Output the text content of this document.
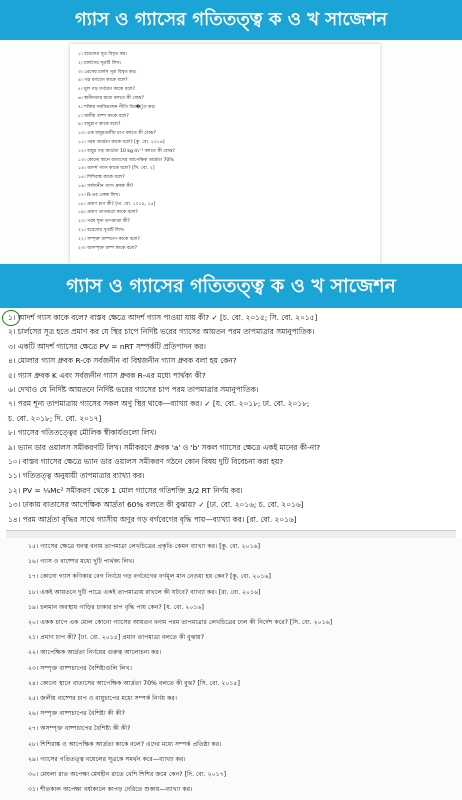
গ্যাস ও গ্যাসের গতিতত্ত্ব ক ও খ সাজেশন
১। বয়েলের সূত্র বিবৃত কর।
২। চার্লসের সূত্রটি লিখ।
৩। প্রেসের চার্লস সূত্র বিবৃত কর।
৪। গড় বর্গবেগ কাকে বলে?
৫। মূল গড় বর্গবেগ কাকে বলে?
৬। স্বাধীনতার মাত্রা বলতে কী বোঝ?
৭। শক্তির সমবিভাজন নীতি বিব�ৃত কর।
৮। জলীয় বাষ্প কাকে বলে?
৯। বায়ুচাপ কাকে বলে?
১০। এক বায়ুমণ্ডলীয় চাপ বলতে কী বোঝ?
১১। পরম আর্দ্রতা কাকে বলে? [কু. বো. ২০১৬]
১২। বায়ুর গড় আর্দ্রতা 10 kg m⁻³ বলতে কী বোঝ?
১৩। কোনো স্থানে বাতাসের আপেক্ষিক আর্দ্রতা 70%
১৪। আদর্শ গ্যাস কাকে বলে? [সি. বো. ২]
১৫। শিশিরাঙ্ক কাকে বলে?
১৬। সর্বজনীন গ্যাস ধ্রুবক কী?
১৭। R-এর একক লিখ।
১৮। প্রমাণ চাপ কী? [ঢা. বো. ২০১৯, ২৫]
১৯। প্রমাণ তাপমাত্রা কাকে বলে?
২০। পরম শূন্য তাপমাত্রা কী?
২১। বয়েলের সূত্রটি লিখ।
২২। সম্পৃক্ত বাষ্পচাপ কাকে বলে?
২৩। অসম্পৃক্ত বাষ্প কাকে বলে?
গ্যাস ও গ্যাসের গতিতত্ত্ব ক ও খ সাজেশন
১। আদর্শ গ্যাস কাকে বলে? বাস্তব ক্ষেত্রে আদর্শ গ্যাস পাওয়া যায় কী? ✓ [চ. বো. ২০১৫; সি. বো. ২০১৫]
২। চার্লসের সূত্র হতে প্রমাণ কর যে স্থির চাপে নির্দিষ্ট ভরের গ্যাসের আয়তন পরম তাপমাত্রার সমানুপাতিক।
৩। একটি আদর্শ গ্যাসের ক্ষেত্রে PV = nRT সম্পর্কটি প্রতিপাদন কর।
৪। মোলার গ্যাস ধ্রুবক R-কে সর্বজনীন বা বিশ্বজনীন গ্যাস ধ্রুবক বলা হয় কেন?
৫। গ্যাস ধ্রুবক K এবং সর্বজনীন গ্যাস ধ্রুবক R-এর মধ্যে পার্থক্য কী?
৬। দেখাও যে নির্দিষ্ট আয়তনে নির্দিষ্ট ভরের গ্যাসের চাপ পরম তাপমাত্রার সমানুপাতিক।
৭। পরম শূন্য তাপমাত্রায় গ্যাসের সকল অণু স্থির থাকে—ব্যাখ্যা কর। ✓ [য. বো. ২০১৮; ঢা. বো. ২০১৮;
চ. বো. ২০১৮; দি. বো. ২০১৭]
৮। গ্যাসের গতিতত্ত্বের মৌলিক স্বীকার্যগুলো লিখ।
৯। ভ্যান ডার ওয়ালস সমীকরণটি লিখ। সমীকরণে ধ্রুবক 'a' ও 'b' সকল গ্যাসের ক্ষেত্রে একই মানের কী-না?
১০। বাস্তব গ্যাসের ক্ষেত্রে ভ্যান ডার ওয়ালস সমীকরণ গঠনে কোন বিষয় দুটি বিবেচনা করা হয়?
১১। গতিতত্ত্ব অনুযায়ী তাপমাত্রার ব্যাখ্যা কর।
১২। PV = ⅓Mc² সমীকরণ থেকে 1 মোল গ্যাসের গতিশক্তি 3/2 RT নির্ণয় কর।
১৩। ঢাকায় বাতাসের আপেক্ষিক আর্দ্রতা 60% বলতে কী বুঝায়? ✓ [ঢা. বো. ২০১৬; চ. বো. ২০১৬]
১৪। পরম আর্দ্রতা বৃদ্ধির সাথে গ্যাসীয় অণুর গড় বর্গবেগের বৃদ্ধি পায়—ব্যাখ্যা কর। [রা. বো. ২০১৬]
১৫। গ্যাসের ক্ষেত্রে ঘনত্ব বনাম তাপমাত্রা লেখচিত্রের প্রকৃতি কেমন ব্যাখ্যা কর। [কু. বো. ২০১৬]
১৬। গ্যাস ও বাষ্পের মধ্যে দুটি পার্থক্য লিখ।
১৭। কোনো গ্যাস কণিকার বেগ নির্ণয়ে গড় বর্গবেগের বর্গমূল মান নেওয়া হয় কেন? [কু. বো. ২০১৬]
১৮। একই আয়তনে দুটি পাত্রে একই তাপমাত্রায় রাখলে কী ঘটবে? ব্যাখ্যা কর। [রা. বো. ২০১৬]
১৯। চলমান অবস্থায় গাড়ির চাকার চাপ বৃদ্ধি পায় কেন? [য. বো. ২০১৬]
২০। একক চাপে এক মোল কোনো গ্যাসের আয়তন বনাম পরম তাপমাত্রার লেখচিত্রের ঢাল কী নির্দেশ করে? [সি. বো. ২০১৬]
২১। প্রমাণ চাপ কী? [ঢা. বো. ২০১৫] প্রমাণ তাপমাত্রা বলতে কী বুঝায়?
২২। আপেক্ষিক আর্দ্রতা নির্ণয়ের গুরুত্ব আলোচনা কর।
২৩। সম্পৃক্ত বাষ্পচাপের বৈশিষ্ট্যগুলি লিখ।
২৪। কোনো স্থানে বাতাসের আপেক্ষিক আর্দ্রতা 70% বলতে কী বুঝ? [সি. বো. ২০১৫]
২৫। জলীয় বাষ্পের চাপ ও বায়ুচাপের মধ্যে সম্পর্ক নির্ণয় কর।
২৬। সম্পৃক্ত বাষ্পচাপের বৈশিষ্ট্য কী কী?
২৭। অসম্পৃক্ত বাষ্পচাপের বৈশিষ্ট্য কী কী?
২৮। শিশিরাঙ্ক ও আপেক্ষিক আর্দ্রতা কাকে বলে? এদের মধ্যে সম্পর্ক প্রতিষ্ঠা কর।
২৯। গ্যাসের গতিতত্ত্ব বয়েলের সূত্রকে সমর্থন করে—ব্যাখ্যা কর।
৩০। মেঘলা রাত অপেক্ষা মেঘহীন রাতে বেশি শিশির জমে কেন? [দি. বো. ২০১৭]
৩১। শীতকাল অপেক্ষা বর্ষাকালে কাপড় দেরিতে শুকায়—ব্যাখ্যা কর।
